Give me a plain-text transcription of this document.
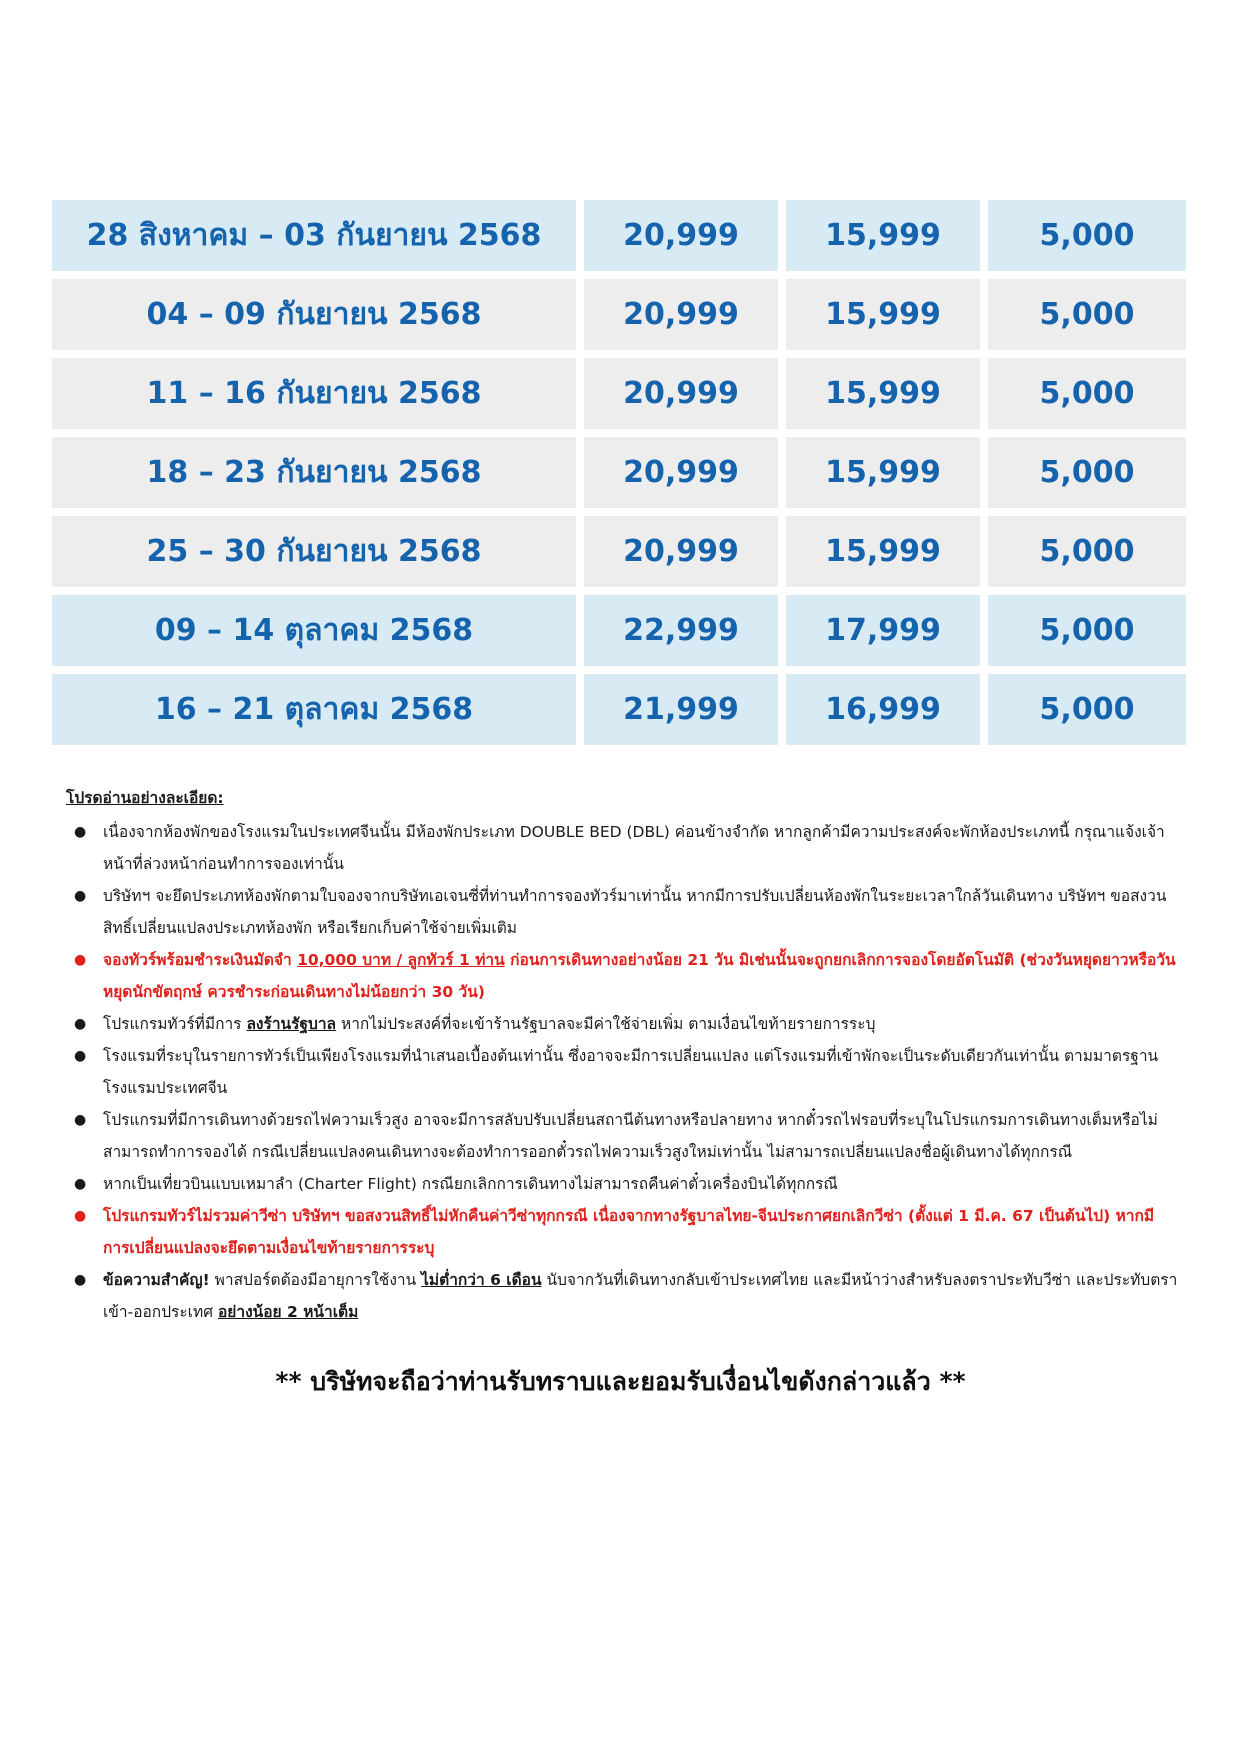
28 สิงหาคม – 03 กันยายน 2568	20,999	15,999	5,000
04 – 09 กันยายน 2568	20,999	15,999	5,000
11 – 16 กันยายน 2568	20,999	15,999	5,000
18 – 23 กันยายน 2568	20,999	15,999	5,000
25 – 30 กันยายน 2568	20,999	15,999	5,000
09 – 14 ตุลาคม 2568	22,999	17,999	5,000
16 – 21 ตุลาคม 2568	21,999	16,999	5,000
โปรดอ่านอย่างละเอียด:
● เนื่องจากห้องพักของโรงแรมในประเทศจีนนั้น มีห้องพักประเภท DOUBLE BED (DBL) ค่อนข้างจำกัด หากลูกค้ามีความประสงค์จะพักห้องประเภทนี้ กรุณาแจ้งเจ้าหน้าที่ล่วงหน้าก่อนทำการจองเท่านั้น
● บริษัทฯ จะยึดประเภทห้องพักตามใบจองจากบริษัทเอเจนซี่ที่ท่านทำการจองทัวร์มาเท่านั้น หากมีการปรับเปลี่ยนห้องพักในระยะเวลาใกล้วันเดินทาง บริษัทฯ ขอสงวนสิทธิ์เปลี่ยนแปลงประเภทห้องพัก หรือเรียกเก็บค่าใช้จ่ายเพิ่มเติม
● จองทัวร์พร้อมชำระเงินมัดจำ 10,000 บาท / ลูกทัวร์ 1 ท่าน ก่อนการเดินทางอย่างน้อย 21 วัน มิเช่นนั้นจะถูกยกเลิกการจองโดยอัตโนมัติ (ช่วงวันหยุดยาวหรือวันหยุดนักขัตฤกษ์ ควรชำระก่อนเดินทางไม่น้อยกว่า 30 วัน)
● โปรแกรมทัวร์ที่มีการ ลงร้านรัฐบาล หากไม่ประสงค์ที่จะเข้าร้านรัฐบาลจะมีค่าใช้จ่ายเพิ่ม ตามเงื่อนไขท้ายรายการระบุ
● โรงแรมที่ระบุในรายการทัวร์เป็นเพียงโรงแรมที่นำเสนอเบื้องต้นเท่านั้น ซึ่งอาจจะมีการเปลี่ยนแปลง แต่โรงแรมที่เข้าพักจะเป็นระดับเดียวกันเท่านั้น ตามมาตรฐานโรงแรมประเทศจีน
● โปรแกรมที่มีการเดินทางด้วยรถไฟความเร็วสูง อาจจะมีการสลับปรับเปลี่ยนสถานีต้นทางหรือปลายทาง หากตั๋วรถไฟรอบที่ระบุในโปรแกรมการเดินทางเต็มหรือไม่สามารถทำการจองได้ กรณีเปลี่ยนแปลงคนเดินทางจะต้องทำการออกตั๋วรถไฟความเร็วสูงใหม่เท่านั้น ไม่สามารถเปลี่ยนแปลงชื่อผู้เดินทางได้ทุกกรณี
● หากเป็นเที่ยวบินแบบเหมาลำ (Charter Flight) กรณียกเลิกการเดินทางไม่สามารถคืนค่าตั๋วเครื่องบินได้ทุกกรณี
● โปรแกรมทัวร์ไม่รวมค่าวีซ่า บริษัทฯ ขอสงวนสิทธิ์ไม่หักคืนค่าวีซ่าทุกกรณี เนื่องจากทางรัฐบาลไทย-จีนประกาศยกเลิกวีซ่า (ตั้งแต่ 1 มี.ค. 67 เป็นต้นไป) หากมีการเปลี่ยนแปลงจะยึดตามเงื่อนไขท้ายรายการระบุ
● ข้อความสำคัญ! พาสปอร์ตต้องมีอายุการใช้งาน ไม่ต่ำกว่า 6 เดือน นับจากวันที่เดินทางกลับเข้าประเทศไทย และมีหน้าว่างสำหรับลงตราประทับวีซ่า และประทับตราเข้า-ออกประเทศ อย่างน้อย 2 หน้าเต็ม
** บริษัทจะถือว่าท่านรับทราบและยอมรับเงื่อนไขดังกล่าวแล้ว **
